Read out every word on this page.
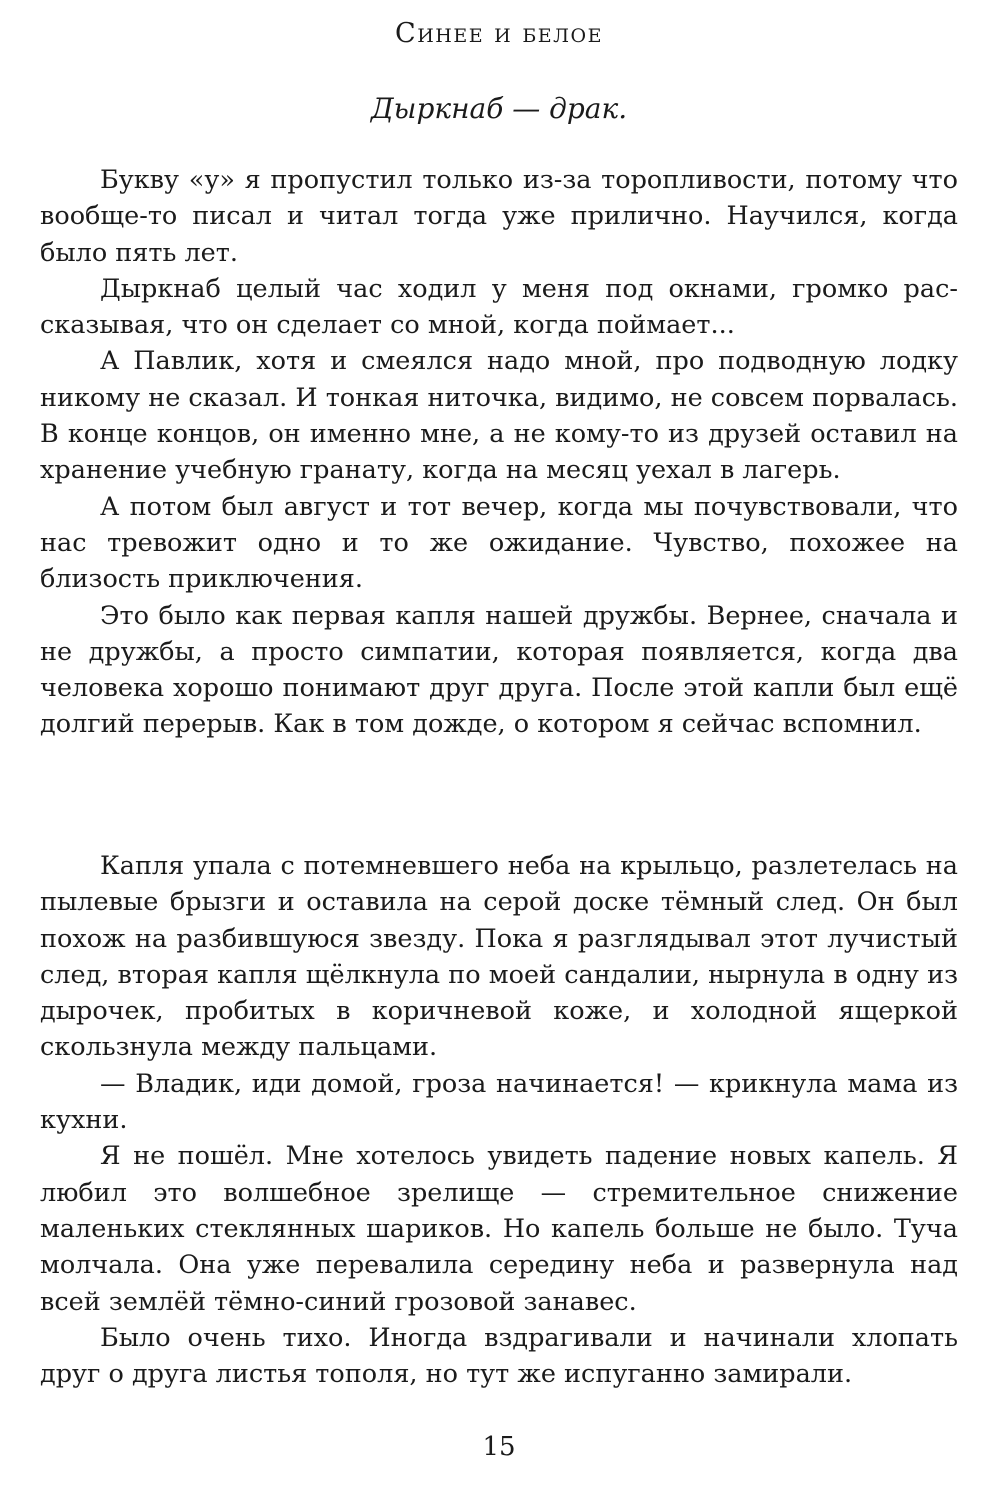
Синее и белое
Дыркнаб — драк.

Букву «у» я пропустил только из-за торопливости, потому что вообще-то писал и читал тогда уже прилично. Научился, когда было пять лет.

Дыркнаб целый час ходил у меня под окнами, громко рассказывая, что он сделает со мной, когда поймает...

А Павлик, хотя и смеялся надо мной, про подводную лодку никому не сказал. И тонкая ниточка, видимо, не совсем порвалась. В конце концов, он именно мне, а не кому-то из друзей оставил на хранение учебную гранату, когда на месяц уехал в лагерь.

А потом был август и тот вечер, когда мы почувствовали, что нас тревожит одно и то же ожидание. Чувство, похожее на близость приключения.

Это было как первая капля нашей дружбы. Вернее, сначала и не дружбы, а просто симпатии, которая появляется, когда два человека хорошо понимают друг друга. После этой капли был ещё долгий перерыв. Как в том дожде, о котором я сейчас вспомнил.

Капля упала с потемневшего неба на крыльцо, разлетелась на пылевые брызги и оставила на серой доске тёмный след. Он был похож на разбившуюся звезду. Пока я разглядывал этот лучистый след, вторая капля щёлкнула по моей сандалии, нырнула в одну из дырочек, пробитых в коричневой коже, и холодной ящеркой скользнула между пальцами.

— Владик, иди домой, гроза начинается! — крикнула мама из кухни.

Я не пошёл. Мне хотелось увидеть падение новых капель. Я любил это волшебное зрелище — стремительное снижение маленьких стеклянных шариков. Но капель больше не было. Туча молчала. Она уже перевалила середину неба и развернула над всей землёй тёмно-синий грозовой занавес.

Было очень тихо. Иногда вздрагивали и начинали хлопать друг о друга листья тополя, но тут же испуганно замирали.

15
